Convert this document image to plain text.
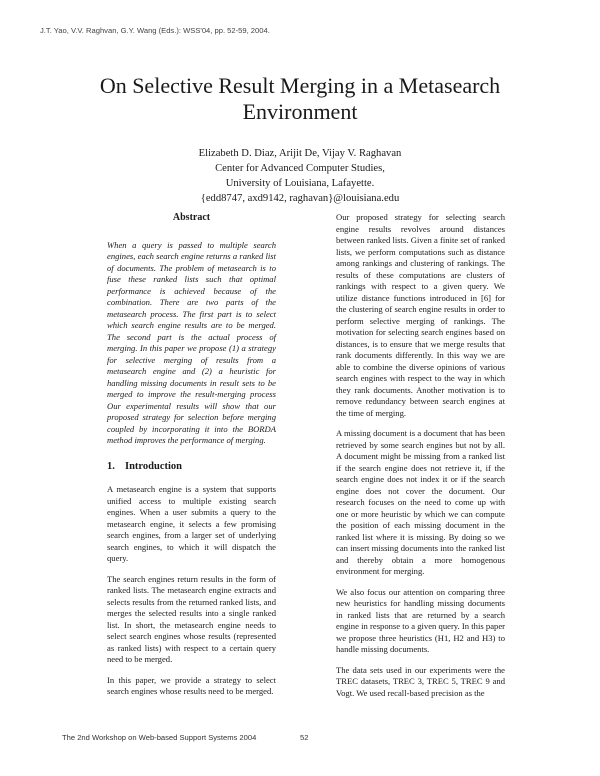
J.T. Yao, V.V. Raghvan, G.Y. Wang (Eds.): WSS'04, pp. 52-59, 2004.
On Selective Result Merging in a Metasearch Environment
Elizabeth D. Diaz, Arijit De, Vijay V. Raghavan
Center for Advanced Computer Studies,
University of Louisiana, Lafayette.
{edd8747, axd9142, raghavan}@louisiana.edu
Abstract
When a query is passed to multiple search engines, each search engine returns a ranked list of documents. The problem of metasearch is to fuse these ranked lists such that optimal performance is achieved because of the combination. There are two parts of the metasearch process. The first part is to select which search engine results are to be merged. The second part is the actual process of merging. In this paper we propose (1) a strategy for selective merging of results from a metasearch engine and (2) a heuristic for handling missing documents in result sets to be merged to improve the result-merging process Our experimental results will show that our proposed strategy for selection before merging coupled by incorporating it into the BORDA method improves the performance of merging.
1. Introduction

A metasearch engine is a system that supports unified access to multiple existing search engines. When a user submits a query to the metasearch engine, it selects a few promising search engines, from a larger set of underlying search engines, to which it will dispatch the query.

The search engines return results in the form of ranked lists. The metasearch engine extracts and selects results from the returned ranked lists, and merges the selected results into a single ranked list. In short, the metasearch engine needs to select search engines whose results (represented as ranked lists) with respect to a certain query need to be merged.

In this paper, we provide a strategy to select search engines whose results need to be merged.

Our proposed strategy for selecting search engine results revolves around distances between ranked lists. Given a finite set of ranked lists, we perform computations such as distance among rankings and clustering of rankings. The results of these computations are clusters of rankings with respect to a given query. We utilize distance functions introduced in [6] for the clustering of search engine results in order to perform selective merging of rankings. The motivation for selecting search engines based on distances, is to ensure that we merge results that rank documents differently. In this way we are able to combine the diverse opinions of various search engines with respect to the way in which they rank documents. Another motivation is to remove redundancy between search engines at the time of merging.

A missing document is a document that has been retrieved by some search engines but not by all. A document might be missing from a ranked list if the search engine does not retrieve it, if the search engine does not index it or if the search engine does not cover the document. Our research focuses on the need to come up with one or more heuristic by which we can compute the position of each missing document in the ranked list where it is missing. By doing so we can insert missing documents into the ranked list and thereby obtain a more homogenous environment for merging.

We also focus our attention on comparing three new heuristics for handling missing documents in ranked lists that are returned by a search engine in response to a given query. In this paper we propose three heuristics (H1, H2 and H3) to handle missing documents.

The data sets used in our experiments were the TREC datasets, TREC 3, TREC 5, TREC 9 and Vogt. We used recall-based precision as the

The 2nd Workshop on Web-based Support Systems 2004	52
